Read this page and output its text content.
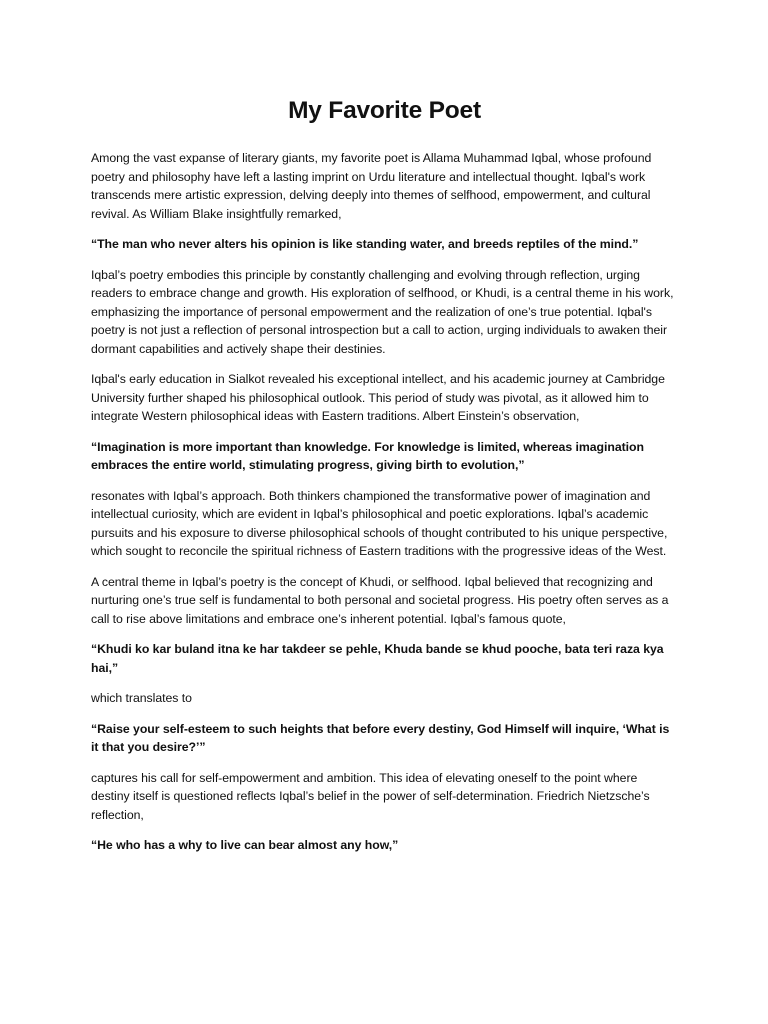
My Favorite Poet

Among the vast expanse of literary giants, my favorite poet is Allama Muhammad Iqbal, whose profound poetry and philosophy have left a lasting imprint on Urdu literature and intellectual thought. Iqbal's work transcends mere artistic expression, delving deeply into themes of selfhood, empowerment, and cultural revival. As William Blake insightfully remarked,

“The man who never alters his opinion is like standing water, and breeds reptiles of the mind.”

Iqbal’s poetry embodies this principle by constantly challenging and evolving through reflection, urging readers to embrace change and growth. His exploration of selfhood, or Khudi, is a central theme in his work, emphasizing the importance of personal empowerment and the realization of one’s true potential. Iqbal's poetry is not just a reflection of personal introspection but a call to action, urging individuals to awaken their dormant capabilities and actively shape their destinies.

Iqbal's early education in Sialkot revealed his exceptional intellect, and his academic journey at Cambridge University further shaped his philosophical outlook. This period of study was pivotal, as it allowed him to integrate Western philosophical ideas with Eastern traditions. Albert Einstein’s observation,

“Imagination is more important than knowledge. For knowledge is limited, whereas imagination embraces the entire world, stimulating progress, giving birth to evolution,”

resonates with Iqbal’s approach. Both thinkers championed the transformative power of imagination and intellectual curiosity, which are evident in Iqbal’s philosophical and poetic explorations. Iqbal’s academic pursuits and his exposure to diverse philosophical schools of thought contributed to his unique perspective, which sought to reconcile the spiritual richness of Eastern traditions with the progressive ideas of the West.

A central theme in Iqbal’s poetry is the concept of Khudi, or selfhood. Iqbal believed that recognizing and nurturing one’s true self is fundamental to both personal and societal progress. His poetry often serves as a call to rise above limitations and embrace one’s inherent potential. Iqbal’s famous quote,

“Khudi ko kar buland itna ke har takdeer se pehle, Khuda bande se khud pooche, bata teri raza kya hai,”

which translates to

“Raise your self-esteem to such heights that before every destiny, God Himself will inquire, ‘What is it that you desire?’”

captures his call for self-empowerment and ambition. This idea of elevating oneself to the point where destiny itself is questioned reflects Iqbal’s belief in the power of self-determination. Friedrich Nietzsche’s reflection,

“He who has a why to live can bear almost any how,”
